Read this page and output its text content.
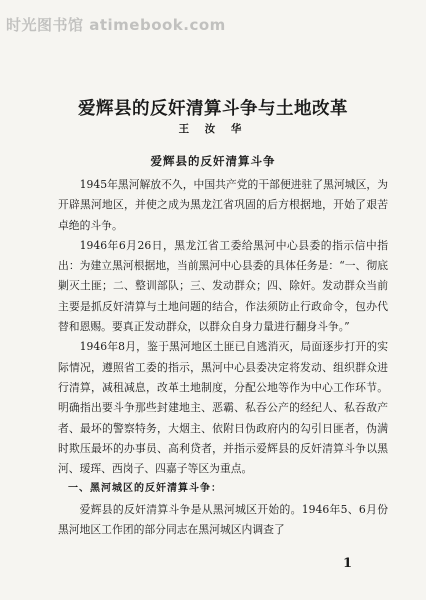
时光图书馆 atimebook.com
爱辉县的反奸清算斗争与土地改革
王 汝 华
爱辉县的反奸清算斗争

1945年黑河解放不久，中国共产党的干部便进驻了黑河城区，为开辟黑河地区，并使之成为黑龙江省巩固的后方根据地，开始了艰苦卓绝的斗争。

1946年6月26日，黑龙江省工委给黑河中心县委的指示信中指出：为建立黑河根据地，当前黑河中心县委的具体任务是：“一、彻底剿灭土匪；二、整训部队；三、发动群众；四、除奸。发动群众当前主要是抓反奸清算与土地问题的结合，作法须防止行政命令，包办代替和恩赐。要真正发动群众，以群众自身力量进行翻身斗争。”

1946年8月，鉴于黑河地区土匪已自逃消灭，局面逐步打开的实际情况，遵照省工委的指示，黑河中心县委决定将发动、组织群众进行清算，减租减息，改革土地制度，分配公地等作为中心工作环节。明确指出要斗争那些封建地主、恶霸、私吞公产的经纪人、私吞敌产者、最坏的警察特务，大烟主、依附日伪政府内的勾引日匪者，伪满时欺压最坏的办事员、高利贷者，并指示爱辉县的反奸清算斗争以黑河、瑷珲、西岗子、四嘉子等区为重点。

一、黑河城区的反奸清算斗争：

爱辉县的反奸清算斗争是从黑河城区开始的。1946年5、6月份黑河地区工作团的部分同志在黑河城区内调查了

1
